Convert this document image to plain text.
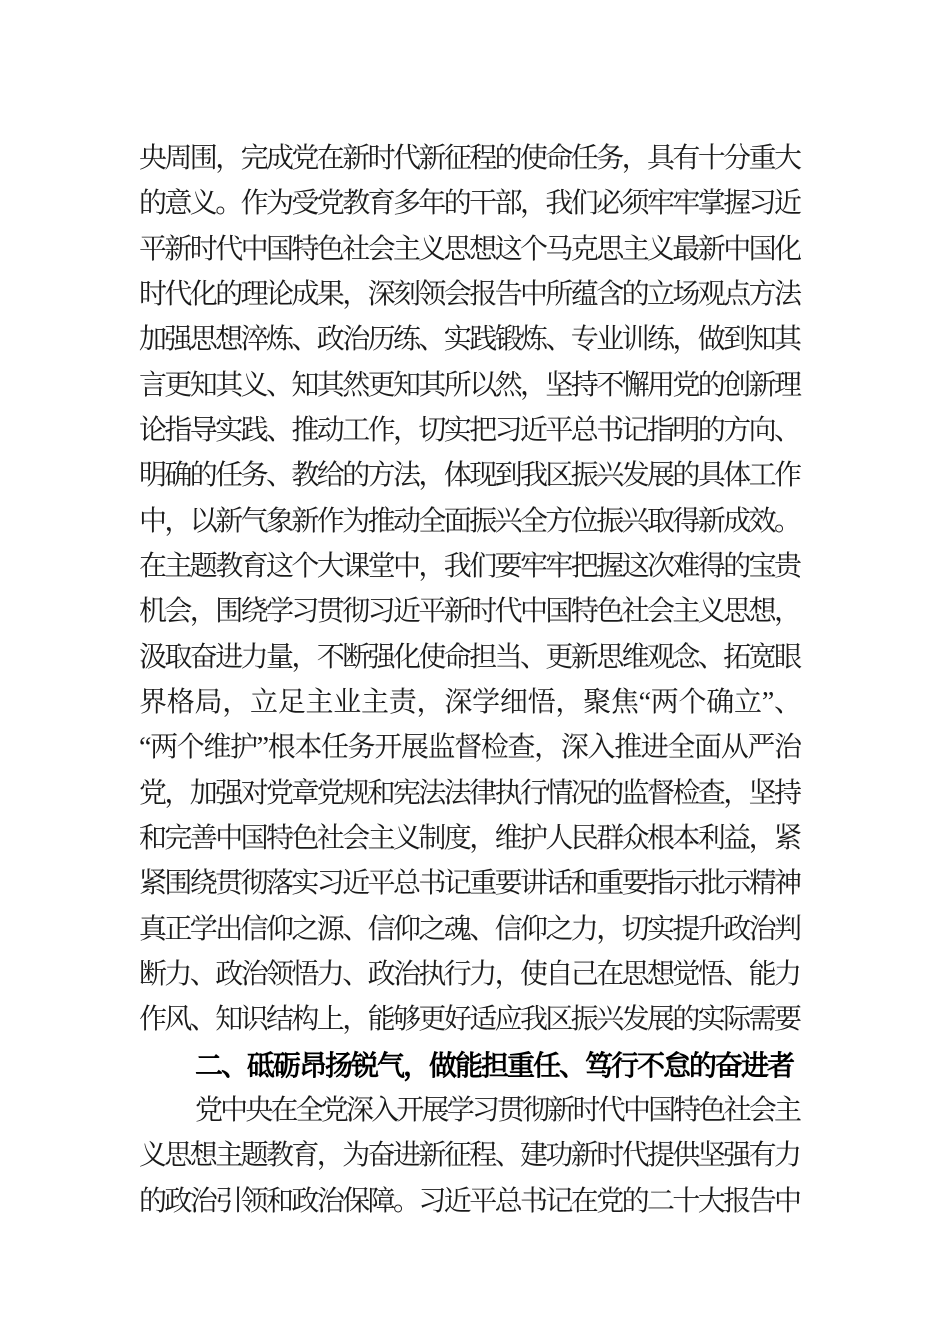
央周围，完成党在新时代新征程的使命任务，具有十分重大
的意义。作为受党教育多年的干部，我们必须牢牢掌握习近
平新时代中国特色社会主义思想这个马克思主义最新中国化
时代化的理论成果，深刻领会报告中所蕴含的立场观点方法
加强思想淬炼、政治历练、实践锻炼、专业训练，做到知其
言更知其义、知其然更知其所以然，坚持不懈用党的创新理
论指导实践、推动工作，切实把习近平总书记指明的方向、
明确的任务、教给的方法，体现到我区振兴发展的具体工作
中，以新气象新作为推动全面振兴全方位振兴取得新成效。
在主题教育这个大课堂中，我们要牢牢把握这次难得的宝贵
机会，围绕学习贯彻习近平新时代中国特色社会主义思想，
汲取奋进力量，不断强化使命担当、更新思维观念、拓宽眼
界格局，立足主业主责，深学细悟，聚焦“两个确立”、
“两个维护”根本任务开展监督检查，深入推进全面从严治
党，加强对党章党规和宪法法律执行情况的监督检查，坚持
和完善中国特色社会主义制度，维护人民群众根本利益，紧
紧围绕贯彻落实习近平总书记重要讲话和重要指示批示精神
真正学出信仰之源、信仰之魂、信仰之力，切实提升政治判
断力、政治领悟力、政治执行力，使自己在思想觉悟、能力
作风、知识结构上，能够更好适应我区振兴发展的实际需要
二、砥砺昂扬锐气，做能担重任、笃行不怠的奋进者
党中央在全党深入开展学习贯彻新时代中国特色社会主
义思想主题教育，为奋进新征程、建功新时代提供坚强有力
的政治引领和政治保障。习近平总书记在党的二十大报告中
